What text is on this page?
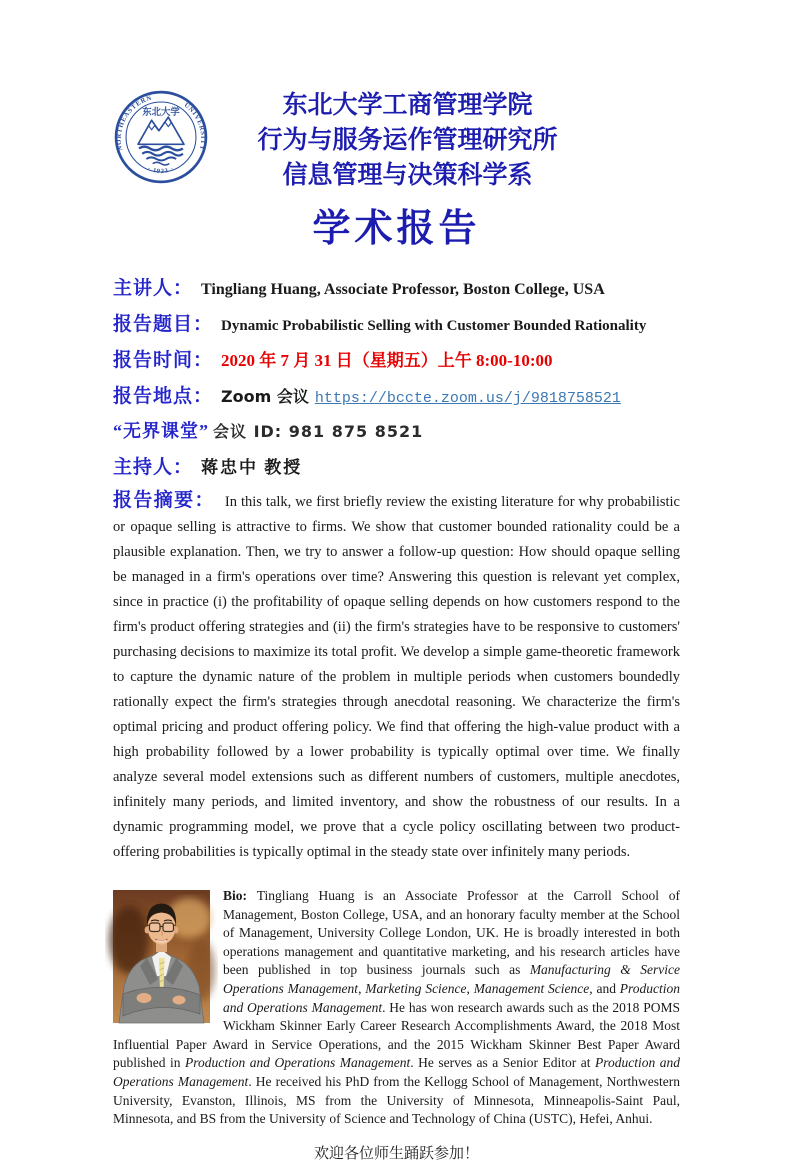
NORTHEASTERN
UNIVERSITY
· 1923 ·
东北大学	东北大学工商管理学院
行为与服务运作管理研究所
信息管理与决策科学系
学术报告
主讲人： Tingliang Huang, Associate Professor, Boston College, USA
报告题目： Dynamic Probabilistic Selling with Customer Bounded Rationality
报告时间： 2020 年 7 月 31 日（星期五）上午 8:00-10:00
报告地点： Zoom 会议 https://bccte.zoom.us/j/9818758521
“无界课堂” 会议 ID: 981 875 8521
主持人： 蒋忠中 教授

报告摘要： In this talk, we first briefly review the existing literature for why probabilistic or opaque selling is attractive to firms. We show that customer bounded rationality could be a plausible explanation. Then, we try to answer a follow-up question: How should opaque selling be managed in a firm's operations over time? Answering this question is relevant yet complex, since in practice (i) the profitability of opaque selling depends on how customers respond to the firm's product offering strategies and (ii) the firm's strategies have to be responsive to customers' purchasing decisions to maximize its total profit. We develop a simple game-theoretic framework to capture the dynamic nature of the problem in multiple periods when customers boundedly rationally expect the firm's strategies through anecdotal reasoning. We characterize the firm's optimal pricing and product offering policy. We find that offering the high-value product with a high probability followed by a lower probability is typically optimal over time. We finally analyze several model extensions such as different numbers of customers, multiple anecdotes, infinitely many periods, and limited inventory, and show the robustness of our results. In a dynamic programming model, we prove that a cycle policy oscillating between two product-offering probabilities is typically optimal in the steady state over infinitely many periods.

Bio: Tingliang Huang is an Associate Professor at the Carroll School of Management, Boston College, USA, and an honorary faculty member at the School of Management, University College London, UK. He is broadly interested in both operations management and quantitative marketing, and his research articles have been published in top business journals such as Manufacturing & Service Operations Management, Marketing Science, Management Science, and Production and Operations Management. He has won research awards such as the 2018 POMS Wickham Skinner Early Career Research Accomplishments Award, the 2018 Most Influential Paper Award in Service Operations, and the 2015 Wickham Skinner Best Paper Award published in Production and Operations Management. He serves as a Senior Editor at Production and Operations Management. He received his PhD from the Kellogg School of Management, Northwestern University, Evanston, Illinois, MS from the University of Minnesota, Minneapolis-Saint Paul, Minnesota, and BS from the University of Science and Technology of China (USTC), Hefei, Anhui.
欢迎各位师生踊跃参加！
